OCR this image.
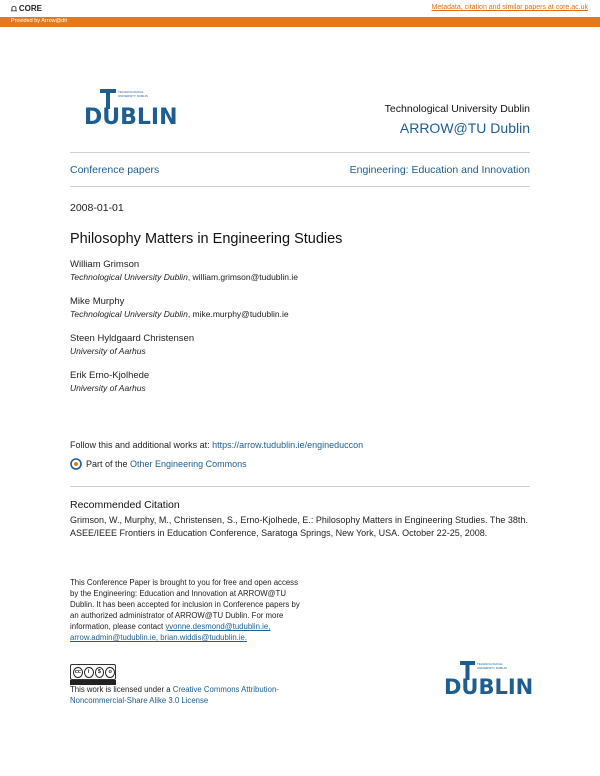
⩍ CORE	Metadata, citation and similar papers at core.ac.uk
Provided by Arrow@dit
TECHNOLOGICAL
UNIVERSITY DUBLIN
DUBLIN	Technological University Dublin
ARROW@TU Dublin
Conference papers	Engineering: Education and Innovation
2008-01-01
Philosophy Matters in Engineering Studies
William Grimson
Technological University Dublin, william.grimson@tudublin.ie
Mike Murphy
Technological University Dublin, mike.murphy@tudublin.ie
Steen Hyldgaard Christensen
University of Aarhus
Erik Erno-Kjolhede
University of Aarhus
Follow this and additional works at: https://arrow.tudublin.ie/engineduccon
Part of the Other Engineering Commons
Recommended Citation
Grimson, W., Murphy, M., Christensen, S., Erno-Kjolhede, E.: Philosophy Matters in Engineering Studies. The 38th. ASEE/IEEE Frontiers in Education Conference, Saratoga Springs, New York, USA. October 22-25, 2008.
This Conference Paper is brought to you for free and open access by the Engineering: Education and Innovation at ARROW@TU Dublin. It has been accepted for inclusion in Conference papers by an authorized administrator of ARROW@TU Dublin. For more information, please contact yvonne.desmond@tudublin.ie, arrow.admin@tudublin.ie, brian.widdis@tudublin.ie.
cc	i	$	o
This work is licensed under a Creative Commons Attribution-Noncommercial-Share Alike 3.0 License
TECHNOLOGICAL
UNIVERSITY DUBLIN
DUBLIN
